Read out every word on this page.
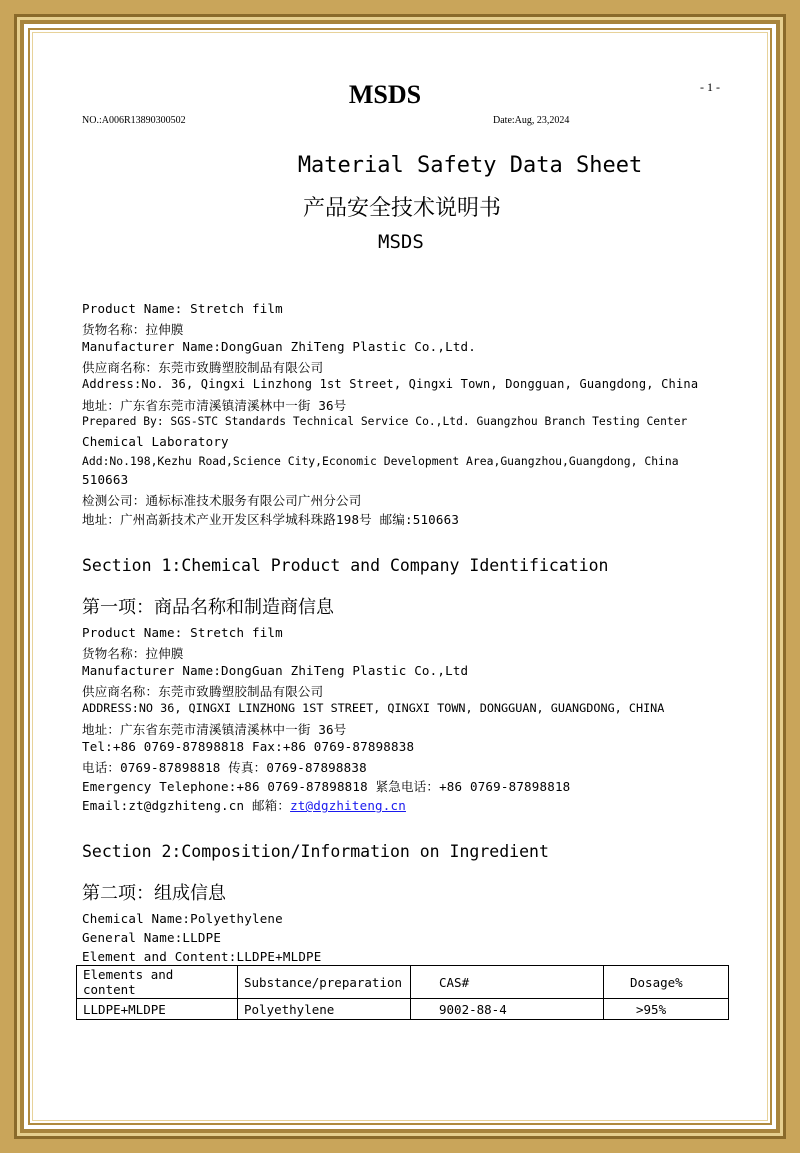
MSDS	- 1 -
NO.:A006R13890300502	Date:Aug, 23,2024
Material Safety Data Sheet
产品安全技术说明书
MSDS
Product Name: Stretch film
货物名称：拉伸膜
Manufacturer Name:DongGuan ZhiTeng Plastic Co.,Ltd.
供应商名称：东莞市致腾塑胶制品有限公司
Address:No. 36, Qingxi Linzhong 1st Street, Qingxi Town, Dongguan, Guangdong, China
地址：广东省东莞市清溪镇清溪林中一街 36号
Prepared By: SGS-STC Standards Technical Service Co.,Ltd. Guangzhou Branch Testing Center
Chemical Laboratory
Add:No.198,Kezhu Road,Science City,Economic Development Area,Guangzhou,Guangdong, China
510663
检测公司：通标标准技术服务有限公司广州分公司
地址：广州高新技术产业开发区科学城科珠路198号 邮编:510663
Section 1:Chemical Product and Company Identification
第一项：商品名称和制造商信息
Product Name: Stretch film
货物名称：拉伸膜
Manufacturer Name:DongGuan ZhiTeng Plastic Co.,Ltd
供应商名称：东莞市致腾塑胶制品有限公司
ADDRESS:NO 36, QINGXI LINZHONG 1ST STREET, QINGXI TOWN, DONGGUAN, GUANGDONG, CHINA
地址：广东省东莞市清溪镇清溪林中一街 36号
Tel:+86 0769-87898818 Fax:+86 0769-87898838
电话：0769-87898818 传真：0769-87898838
Emergency Telephone:+86 0769-87898818 紧急电话：+86 0769-87898818
Email:zt@dgzhiteng.cn 邮箱：zt@dgzhiteng.cn
Section 2:Composition/Information on Ingredient
第二项：组成信息
Chemical Name:Polyethylene
General Name:LLDPE
Element and Content:LLDPE+MLDPE
Elements and content	Substance/preparation	CAS#	Dosage%
LLDPE+MLDPE	Polyethylene	9002-88-4	>95%
